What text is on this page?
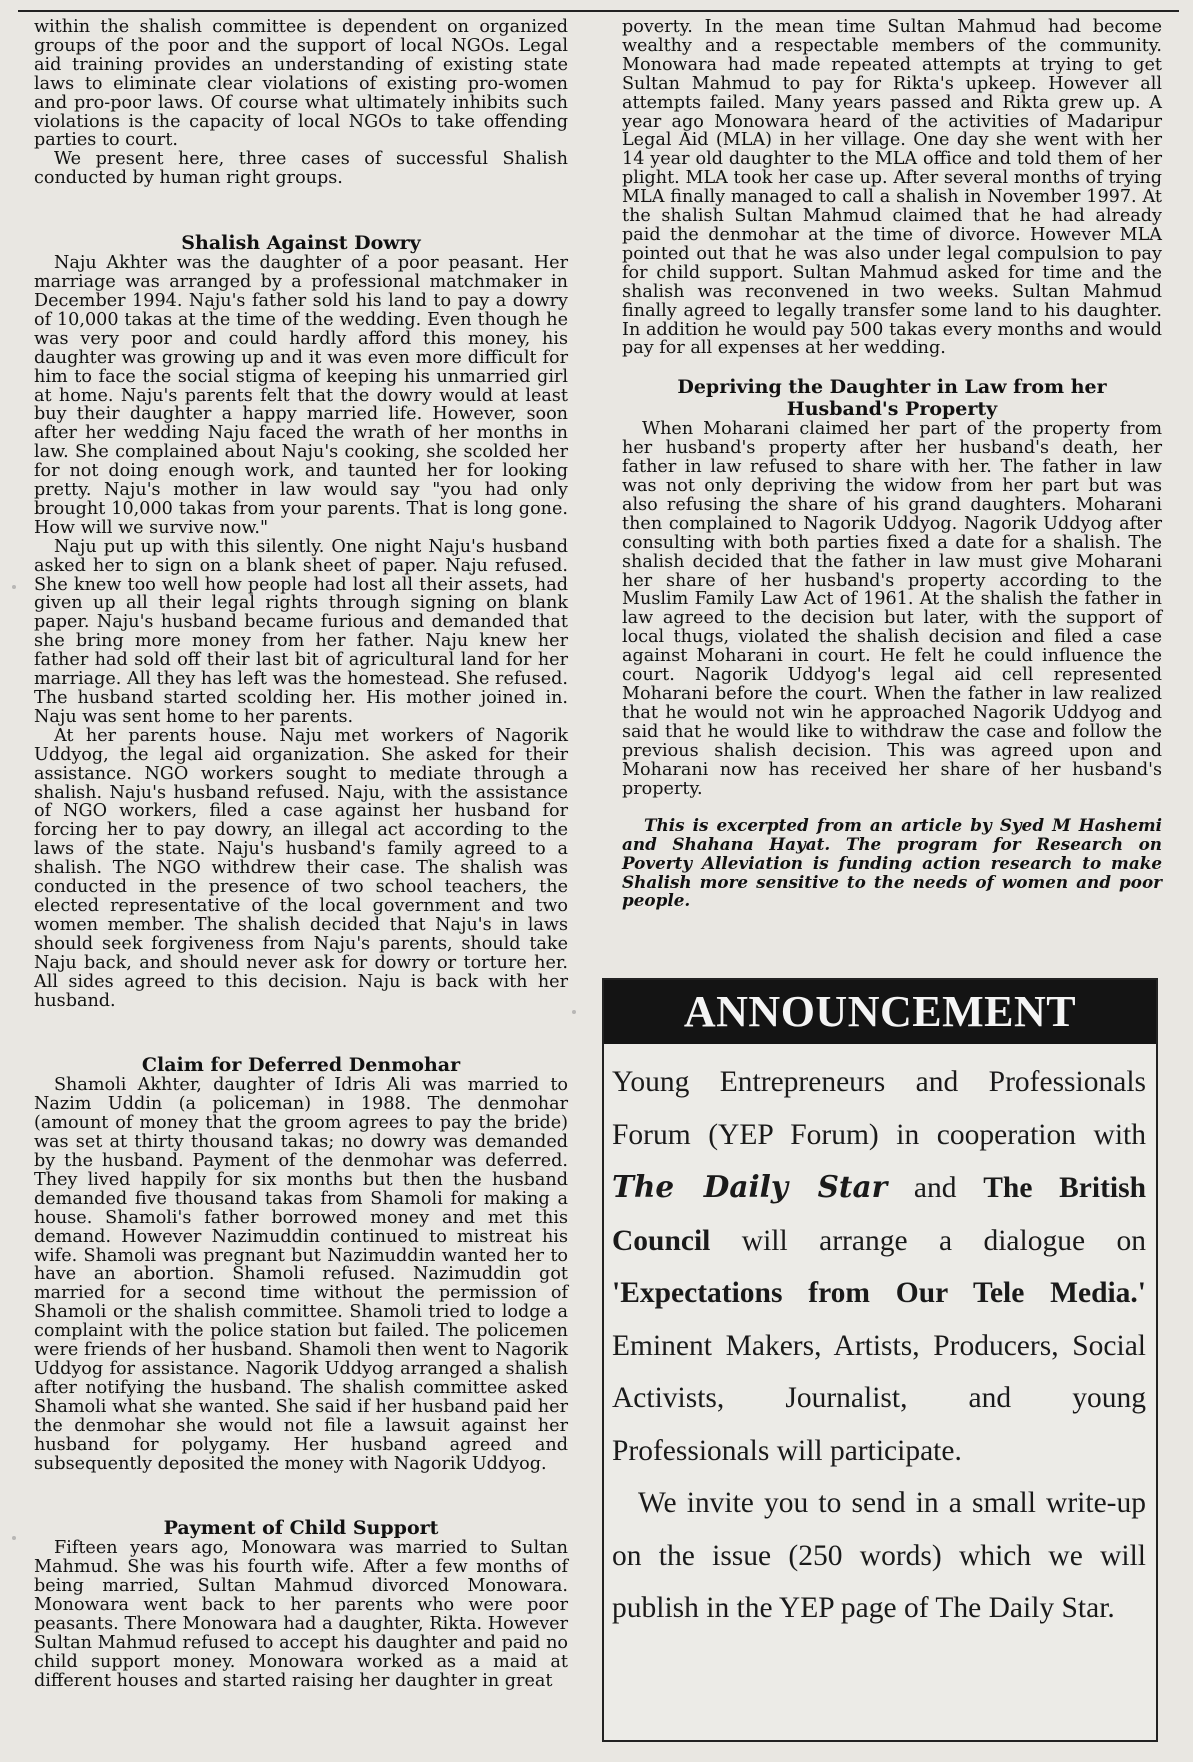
within the shalish committee is dependent on organized groups of the poor and the support of local NGOs. Legal aid training provides an understanding of existing state laws to eliminate clear violations of existing pro-women and pro-poor laws. Of course what ultimately inhibits such violations is the capacity of local NGOs to take offending parties to court.

We present here, three cases of successful Shalish conducted by human right groups.

Shalish Against Dowry

Naju Akhter was the daughter of a poor peasant. Her marriage was arranged by a professional matchmaker in December 1994. Naju's father sold his land to pay a dowry of 10,000 takas at the time of the wedding. Even though he was very poor and could hardly afford this money, his daughter was growing up and it was even more difficult for him to face the social stigma of keeping his unmarried girl at home. Naju's parents felt that the dowry would at least buy their daughter a happy married life. However, soon after her wedding Naju faced the wrath of her months in law. She complained about Naju's cooking, she scolded her for not doing enough work, and taunted her for looking pretty. Naju's mother in law would say "you had only brought 10,000 takas from your parents. That is long gone. How will we survive now."

Naju put up with this silently. One night Naju's husband asked her to sign on a blank sheet of paper. Naju refused. She knew too well how people had lost all their assets, had given up all their legal rights through signing on blank paper. Naju's husband became furious and demanded that she bring more money from her father. Naju knew her father had sold off their last bit of agricultural land for her marriage. All they has left was the homestead. She refused. The husband started scolding her. His mother joined in. Naju was sent home to her parents.

At her parents house. Naju met workers of Nagorik Uddyog, the legal aid organization. She asked for their assistance. NGO workers sought to mediate through a shalish. Naju's husband refused. Naju, with the assistance of NGO workers, filed a case against her husband for forcing her to pay dowry, an illegal act according to the laws of the state. Naju's husband's family agreed to a shalish. The NGO withdrew their case. The shalish was conducted in the presence of two school teachers, the elected representative of the local government and two women member. The shalish decided that Naju's in laws should seek forgiveness from Naju's parents, should take Naju back, and should never ask for dowry or torture her. All sides agreed to this decision. Naju is back with her husband.

Claim for Deferred Denmohar

Shamoli Akhter, daughter of Idris Ali was married to Nazim Uddin (a policeman) in 1988. The denmohar (amount of money that the groom agrees to pay the bride) was set at thirty thousand takas; no dowry was demanded by the husband. Payment of the denmohar was deferred. They lived happily for six months but then the husband demanded five thousand takas from Shamoli for making a house. Shamoli's father borrowed money and met this demand. However Nazimuddin continued to mistreat his wife. Shamoli was pregnant but Nazimuddin wanted her to have an abortion. Shamoli refused. Nazimuddin got married for a second time without the permission of Shamoli or the shalish committee. Shamoli tried to lodge a complaint with the police station but failed. The policemen were friends of her husband. Shamoli then went to Nagorik Uddyog for assistance. Nagorik Uddyog arranged a shalish after notifying the husband. The shalish committee asked Shamoli what she wanted. She said if her husband paid her the denmohar she would not file a lawsuit against her husband for polygamy. Her husband agreed and subsequently deposited the money with Nagorik Uddyog.

Payment of Child Support

Fifteen years ago, Monowara was married to Sultan Mahmud. She was his fourth wife. After a few months of being married, Sultan Mahmud divorced Monowara. Monowara went back to her parents who were poor peasants. There Monowara had a daughter, Rikta. However Sultan Mahmud refused to accept his daughter and paid no child support money. Monowara worked as a maid at different houses and started raising her daughter in great

poverty. In the mean time Sultan Mahmud had become wealthy and a respectable members of the community. Monowara had made repeated attempts at trying to get Sultan Mahmud to pay for Rikta's upkeep. However all attempts failed. Many years passed and Rikta grew up. A year ago Monowara heard of the activities of Madaripur Legal Aid (MLA) in her village. One day she went with her 14 year old daughter to the MLA office and told them of her plight. MLA took her case up. After several months of trying MLA finally managed to call a shalish in November 1997. At the shalish Sultan Mahmud claimed that he had already paid the denmohar at the time of divorce. However MLA pointed out that he was also under legal compulsion to pay for child support. Sultan Mahmud asked for time and the shalish was reconvened in two weeks. Sultan Mahmud finally agreed to legally transfer some land to his daughter. In addition he would pay 500 takas every months and would pay for all expenses at her wedding.

Depriving the Daughter in Law from her Husband's Property

When Moharani claimed her part of the property from her husband's property after her husband's death, her father in law refused to share with her. The father in law was not only depriving the widow from her part but was also refusing the share of his grand daughters. Moharani then complained to Nagorik Uddyog. Nagorik Uddyog after consulting with both parties fixed a date for a shalish. The shalish decided that the father in law must give Moharani her share of her husband's property according to the Muslim Family Law Act of 1961. At the shalish the father in law agreed to the decision but later, with the support of local thugs, violated the shalish decision and filed a case against Moharani in court. He felt he could influence the court. Nagorik Uddyog's legal aid cell represented Moharani before the court. When the father in law realized that he would not win he approached Nagorik Uddyog and said that he would like to withdraw the case and follow the previous shalish decision. This was agreed upon and Moharani now has received her share of her husband's property.

This is excerpted from an article by Syed M Hashemi and Shahana Hayat. The program for Research on Poverty Alleviation is funding action research to make Shalish more sensitive to the needs of women and poor people.

ANNOUNCEMENT

Young Entrepreneurs and Professionals Forum (YEP Forum) in cooperation with The Daily Star and The British Council will arrange a dialogue on 'Expectations from Our Tele Media.' Eminent Makers, Artists, Producers, Social Activists, Journalist, and young Professionals will participate.

We invite you to send in a small write-up on the issue (250 words) which we will publish in the YEP page of The Daily Star.
